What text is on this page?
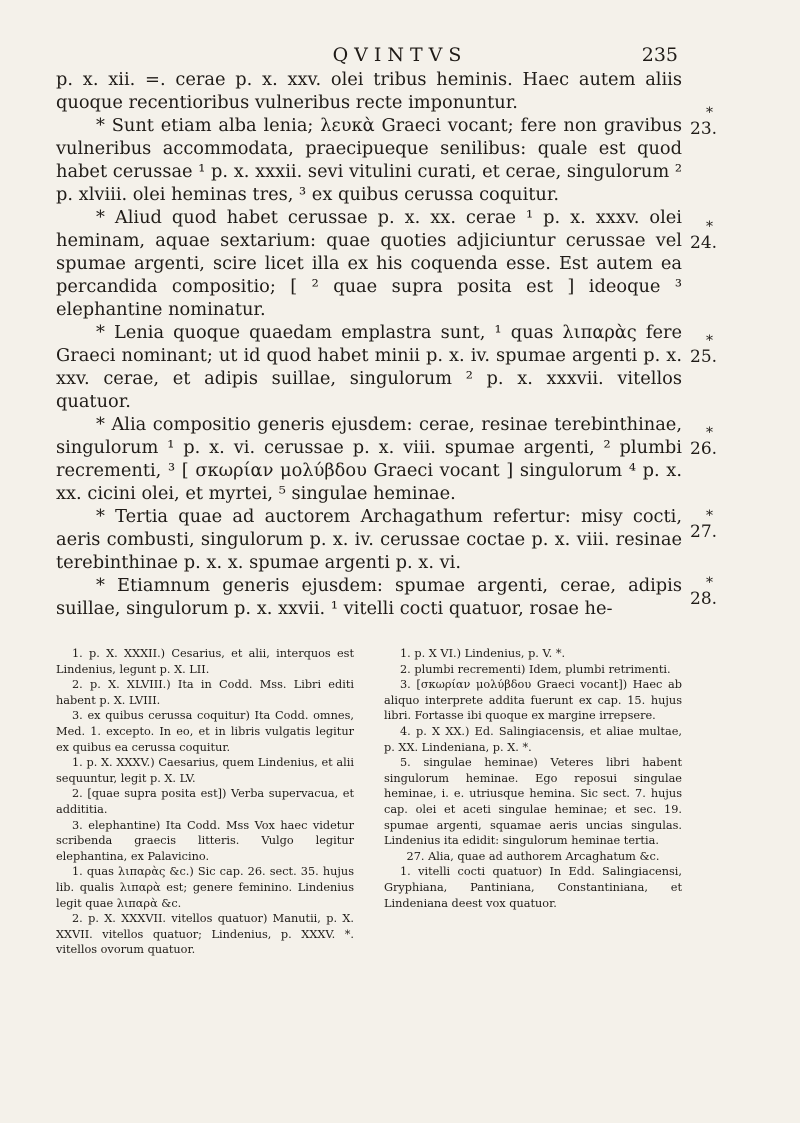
QVINTVS	235

p. x. xii. =. cerae p. x. xxv. olei tribus heminis. Haec autem aliis quoque recentioribus vulneribus recte imponuntur.

* Sunt etiam alba lenia; λευκὰ Graeci vocant; fere non gravibus vulneribus accommodata, praecipueque senilibus: quale est quod habet cerussae ¹ p. x. xxxii. sevi vitulini curati, et cerae, singulorum ² p. xlviii. olei heminas tres, ³ ex quibus cerussa coquitur.

* Aliud quod habet cerussae p. x. xx. cerae ¹ p. x. xxxv. olei heminam, aquae sextarium: quae quoties adjiciuntur cerussae vel spumae argenti, scire licet illa ex his coquenda esse. Est autem ea percandida compositio; [ ² quae supra posita est ] ideoque ³ elephantine nominatur.

* Lenia quoque quaedam emplastra sunt, ¹ quas λιπαρὰς fere Graeci nominant; ut id quod habet minii p. x. iv. spumae argenti p. x. xxv. cerae, et adipis suillae, singulorum ² p. x. xxxvii. vitellos quatuor.

* Alia compositio generis ejusdem: cerae, resinae terebinthinae, singulorum ¹ p. x. vi. cerussae p. x. viii. spumae argenti, ² plumbi recrementi, ³ [ σκωρίαν μολύβδου Graeci vocant ] singulorum ⁴ p. x. xx. cicini olei, et myrtei, ⁵ singulae heminae.

* Tertia quae ad auctorem Archagathum refertur: misy cocti, aeris combusti, singulorum p. x. iv. cerussae coctae p. x. viii. resinae terebinthinae p. x. x. spumae argenti p. x. vi.

* Etiamnum generis ejusdem: spumae argenti, cerae, adipis suillae, singulorum p. x. xxvii. ¹ vitelli cocti quatuor, rosae he-

*
23.
*
24.
*
25.
*
26.
*
27.
*
28.

1. p. X. XXXII.) Cesarius, et alii, interquos est Lindenius, legunt p. X. LII.

2. p. X. XLVIII.) Ita in Codd. Mss. Libri editi habent p. X. LVIII.

3. ex quibus cerussa coquitur) Ita Codd. omnes, Med. 1. excepto. In eo, et in libris vulgatis legitur ex quibus ea cerussa coquitur.

1. p. X. XXXV.) Caesarius, quem Lindenius, et alii sequuntur, legit p. X. LV.

2. [quae supra posita est]) Verba supervacua, et addititia.

3. elephantine) Ita Codd. Mss Vox haec videtur scribenda graecis litteris. Vulgo legitur elephantina, ex Palavicino.

1. quas λιπαρὰς &c.) Sic cap. 26. sect. 35. hujus lib. qualis λιπαρὰ est; genere feminino. Lindenius legit quae λιπαρὰ &c.

2. p. X. XXXVII. vitellos quatuor) Manutii, p. X. XXVII. vitellos quatuor; Lindenius, p. XXXV. *. vitellos ovorum quatuor.

1. p. X VI.) Lindenius, p. V. *.

2. plumbi recrementi) Idem, plumbi retrimenti.

3. [σκωρίαν μολύβδου Graeci vocant]) Haec ab aliquo interprete addita fuerunt ex cap. 15. hujus libri. Fortasse ibi quoque ex margine irrepsere.

4. p. X XX.) Ed. Salingiacensis, et aliae multae, p. XX. Lindeniana, p. X. *.

5. singulae heminae) Veteres libri habent singulorum heminae. Ego reposui singulae heminae, i. e. utriusque hemina. Sic sect. 7. hujus cap. olei et aceti singulae heminae; et sec. 19. spumae argenti, squamae aeris uncias singulas. Lindenius ita edidit: singulorum heminae tertia.

27. Alia, quae ad authorem Arcaghatum &c.

1. vitelli cocti quatuor) In Edd. Salingiacensi, Gryphiana, Pantiniana, Constantiniana, et Lindeniana deest vox quatuor.
